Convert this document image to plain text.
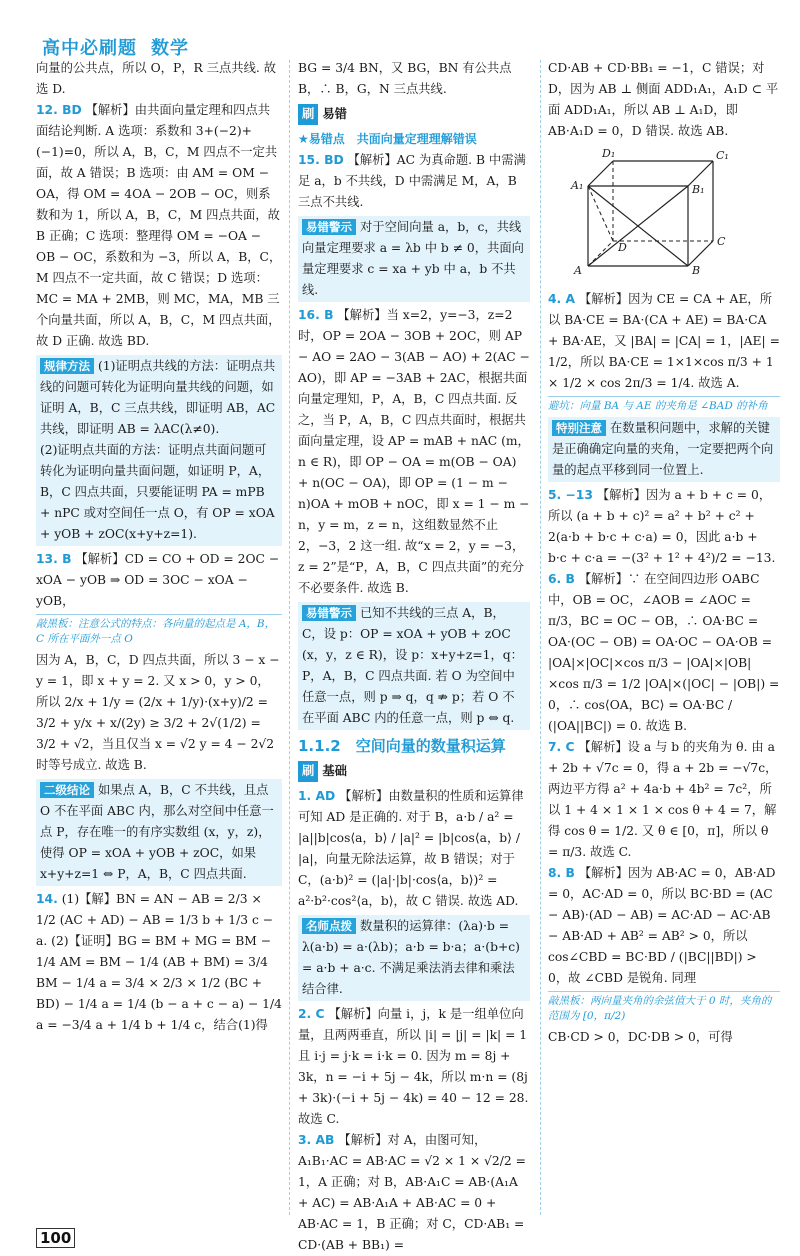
高中必刷题 数学

向量的公共点，所以 O，P，R 三点共线. 故选 D.

12. BD 【解析】由共面向量定理和四点共面结论判断. A 选项：系数和 3+(−2)+(−1)=0，所以 A，B，C，M 四点不一定共面，故 A 错误；B 选项：由 AM = OM − OA，得 OM = 4OA − 2OB − OC，则系数和为 1，所以 A，B，C，M 四点共面，故 B 正确；C 选项：整理得 OM = −OA − OB − OC，系数和为 −3，所以 A，B，C，M 四点不一定共面，故 C 错误；D 选项：MC = MA + 2MB，则 MC，MA，MB 三个向量共面，所以 A，B，C，M 四点共面，故 D 正确. 故选 BD.

规律方法 (1)证明点共线的方法：证明点共线的问题可转化为证明向量共线的问题，如证明 A，B，C 三点共线，即证明 AB，AC 共线，即证明 AB = λAC(λ≠0).

(2)证明点共面的方法：证明点共面问题可转化为证明向量共面问题，如证明 P，A，B，C 四点共面，只要能证明 PA = mPB + nPC 或对空间任一点 O，有 OP = xOA + yOB + zOC(x+y+z=1).

13. B 【解析】CD = CO + OD = 2OC − xOA − yOB ⇒ OD = 3OC − xOA − yOB，

敲黑板：注意公式的特点：各向量的起点是 A，B，C 所在平面外一点 O

因为 A，B，C，D 四点共面，所以 3 − x − y = 1，即 x + y = 2. 又 x > 0，y > 0，所以 2/x + 1/y = (2/x + 1/y)·(x+y)/2 = 3/2 + y/x + x/(2y) ≥ 3/2 + 2√(1/2) = 3/2 + √2，当且仅当 x = √2 y = 4 − 2√2 时等号成立. 故选 B.

二级结论 如果点 A，B，C 不共线，且点 O 不在平面 ABC 内，那么对空间中任意一点 P，存在唯一的有序实数组 (x，y，z)，使得 OP = xOA + yOB + zOC，如果 x+y+z=1 ⇔ P，A，B，C 四点共面.

14. (1)【解】BN = AN − AB = 2/3 × 1/2 (AC + AD) − AB = 1/3 b + 1/3 c − a. (2)【证明】BG = BM + MG = BM − 1/4 AM = BM − 1/4 (AB + BM) = 3/4 BM − 1/4 a = 3/4 × 2/3 × 1/2 (BC + BD) − 1/4 a = 1/4 (b − a + c − a) − 1/4 a = −3/4 a + 1/4 b + 1/4 c，结合(1)得

BG = 3/4 BN，又 BG，BN 有公共点 B，∴ B，G，N 三点共线.

刷 易错

★易错点　共面向量定理理解错误

15. BD 【解析】AC 为真命题. B 中需满足 a，b 不共线，D 中需满足 M，A，B 三点不共线.

易错警示 对于空间向量 a，b，c，共线向量定理要求 a = λb 中 b ≠ 0，共面向量定理要求 c = xa + yb 中 a，b 不共线.

16. B 【解析】当 x=2，y=−3，z=2 时，OP = 2OA − 3OB + 2OC，则 AP − AO = 2AO − 3(AB − AO) + 2(AC − AO)，即 AP = −3AB + 2AC，根据共面向量定理知，P，A，B，C 四点共面. 反之，当 P，A，B，C 四点共面时，根据共面向量定理，设 AP = mAB + nAC (m，n ∈ R)，即 OP − OA = m(OB − OA) + n(OC − OA)，即 OP = (1 − m − n)OA + mOB + nOC，即 x = 1 − m − n，y = m，z = n，这组数显然不止 2，−3，2 这一组. 故“x = 2，y = −3，z = 2”是“P，A，B，C 四点共面”的充分不必要条件. 故选 B.

易错警示 已知不共线的三点 A，B，C，设 p：OP = xOA + yOB + zOC (x，y，z ∈ R)，设 p：x+y+z=1，q：P，A，B，C 四点共面. 若 O 为空间中任意一点，则 p ⇒ q，q ⇏ p；若 O 不在平面 ABC 内的任意一点，则 p ⇔ q.
1.1.2　空间向量的数量积运算
刷 基础

1. AD 【解析】由数量积的性质和运算律可知 AD 是正确的. 对于 B，a·b / a² = |a||b|cos⟨a，b⟩ / |a|² = |b|cos⟨a，b⟩ / |a|，向量无除法运算，故 B 错误；对于 C，(a·b)² = (|a|·|b|·cos⟨a，b⟩)² = a²·b²·cos²⟨a，b⟩，故 C 错误. 故选 AD.

名师点拨 数量积的运算律：(λa)·b = λ(a·b) = a·(λb)；a·b = b·a；a·(b+c) = a·b + a·c. 不满足乘法消去律和乘法结合律.

2. C 【解析】向量 i，j，k 是一组单位向量，且两两垂直，所以 |i| = |j| = |k| = 1 且 i·j = j·k = i·k = 0. 因为 m = 8j + 3k，n = −i + 5j − 4k，所以 m·n = (8j + 3k)·(−i + 5j − 4k) = 40 − 12 = 28. 故选 C.

3. AB 【解析】对 A，由图可知，A₁B₁·AC = AB·AC = √2 × 1 × √2/2 = 1，A 正确；对 B，AB·A₁C = AB·(A₁A + AC) = AB·A₁A + AB·AC = 0 + AB·AC = 1，B 正确；对 C，CD·AB₁ = CD·(AB + BB₁) =

CD·AB + CD·BB₁ = −1，C 错误；对 D，因为 AB ⊥ 侧面 ADD₁A₁，A₁D ⊂ 平面 ADD₁A₁，所以 AB ⊥ A₁D，即 AB·A₁D = 0，D 错误. 故选 AB.

D₁	C₁
A₁	B₁
D	C
A	B

4. A 【解析】因为 CE = CA + AE，所以 BA·CE = BA·(CA + AE) = BA·CA + BA·AE，又 |BA| = |CA| = 1，|AE| = 1/2，所以 BA·CE = 1×1×cos π/3 + 1 × 1/2 × cos 2π/3 = 1/4. 故选 A.

避坑：向量 BA 与 AE 的夹角是 ∠BAD 的补角
特别注意 在数量积问题中，求解的关键是正确确定向量的夹角，一定要把两个向量的起点平移到同一位置上.

5. −13 【解析】因为 a + b + c = 0，所以 (a + b + c)² = a² + b² + c² + 2(a·b + b·c + c·a) = 0，因此 a·b + b·c + c·a = −(3² + 1² + 4²)/2 = −13.

6. B 【解析】∵ 在空间四边形 OABC 中，OB = OC，∠AOB = ∠AOC = π/3，BC = OC − OB，∴ OA·BC = OA·(OC − OB) = OA·OC − OA·OB = |OA|×|OC|×cos π/3 − |OA|×|OB|×cos π/3 = 1/2 |OA|×(|OC| − |OB|) = 0，∴ cos⟨OA，BC⟩ = OA·BC / (|OA||BC|) = 0. 故选 B.

7. C 【解析】设 a 与 b 的夹角为 θ. 由 a + 2b + √7c = 0，得 a + 2b = −√7c，两边平方得 a² + 4a·b + 4b² = 7c²，所以 1 + 4 × 1 × 1 × cos θ + 4 = 7，解得 cos θ = 1/2. 又 θ ∈ [0，π]，所以 θ = π/3. 故选 C.

8. B 【解析】因为 AB·AC = 0，AB·AD = 0，AC·AD = 0，所以 BC·BD = (AC − AB)·(AD − AB) = AC·AD − AC·AB − AB·AD + AB² = AB² > 0，所以 cos∠CBD = BC·BD / (|BC||BD|) > 0，故 ∠CBD 是锐角. 同理

敲黑板：两向量夹角的余弦值大于 0 时，夹角的范围为 [0，π/2)

CB·CD > 0，DC·DB > 0，可得

100
